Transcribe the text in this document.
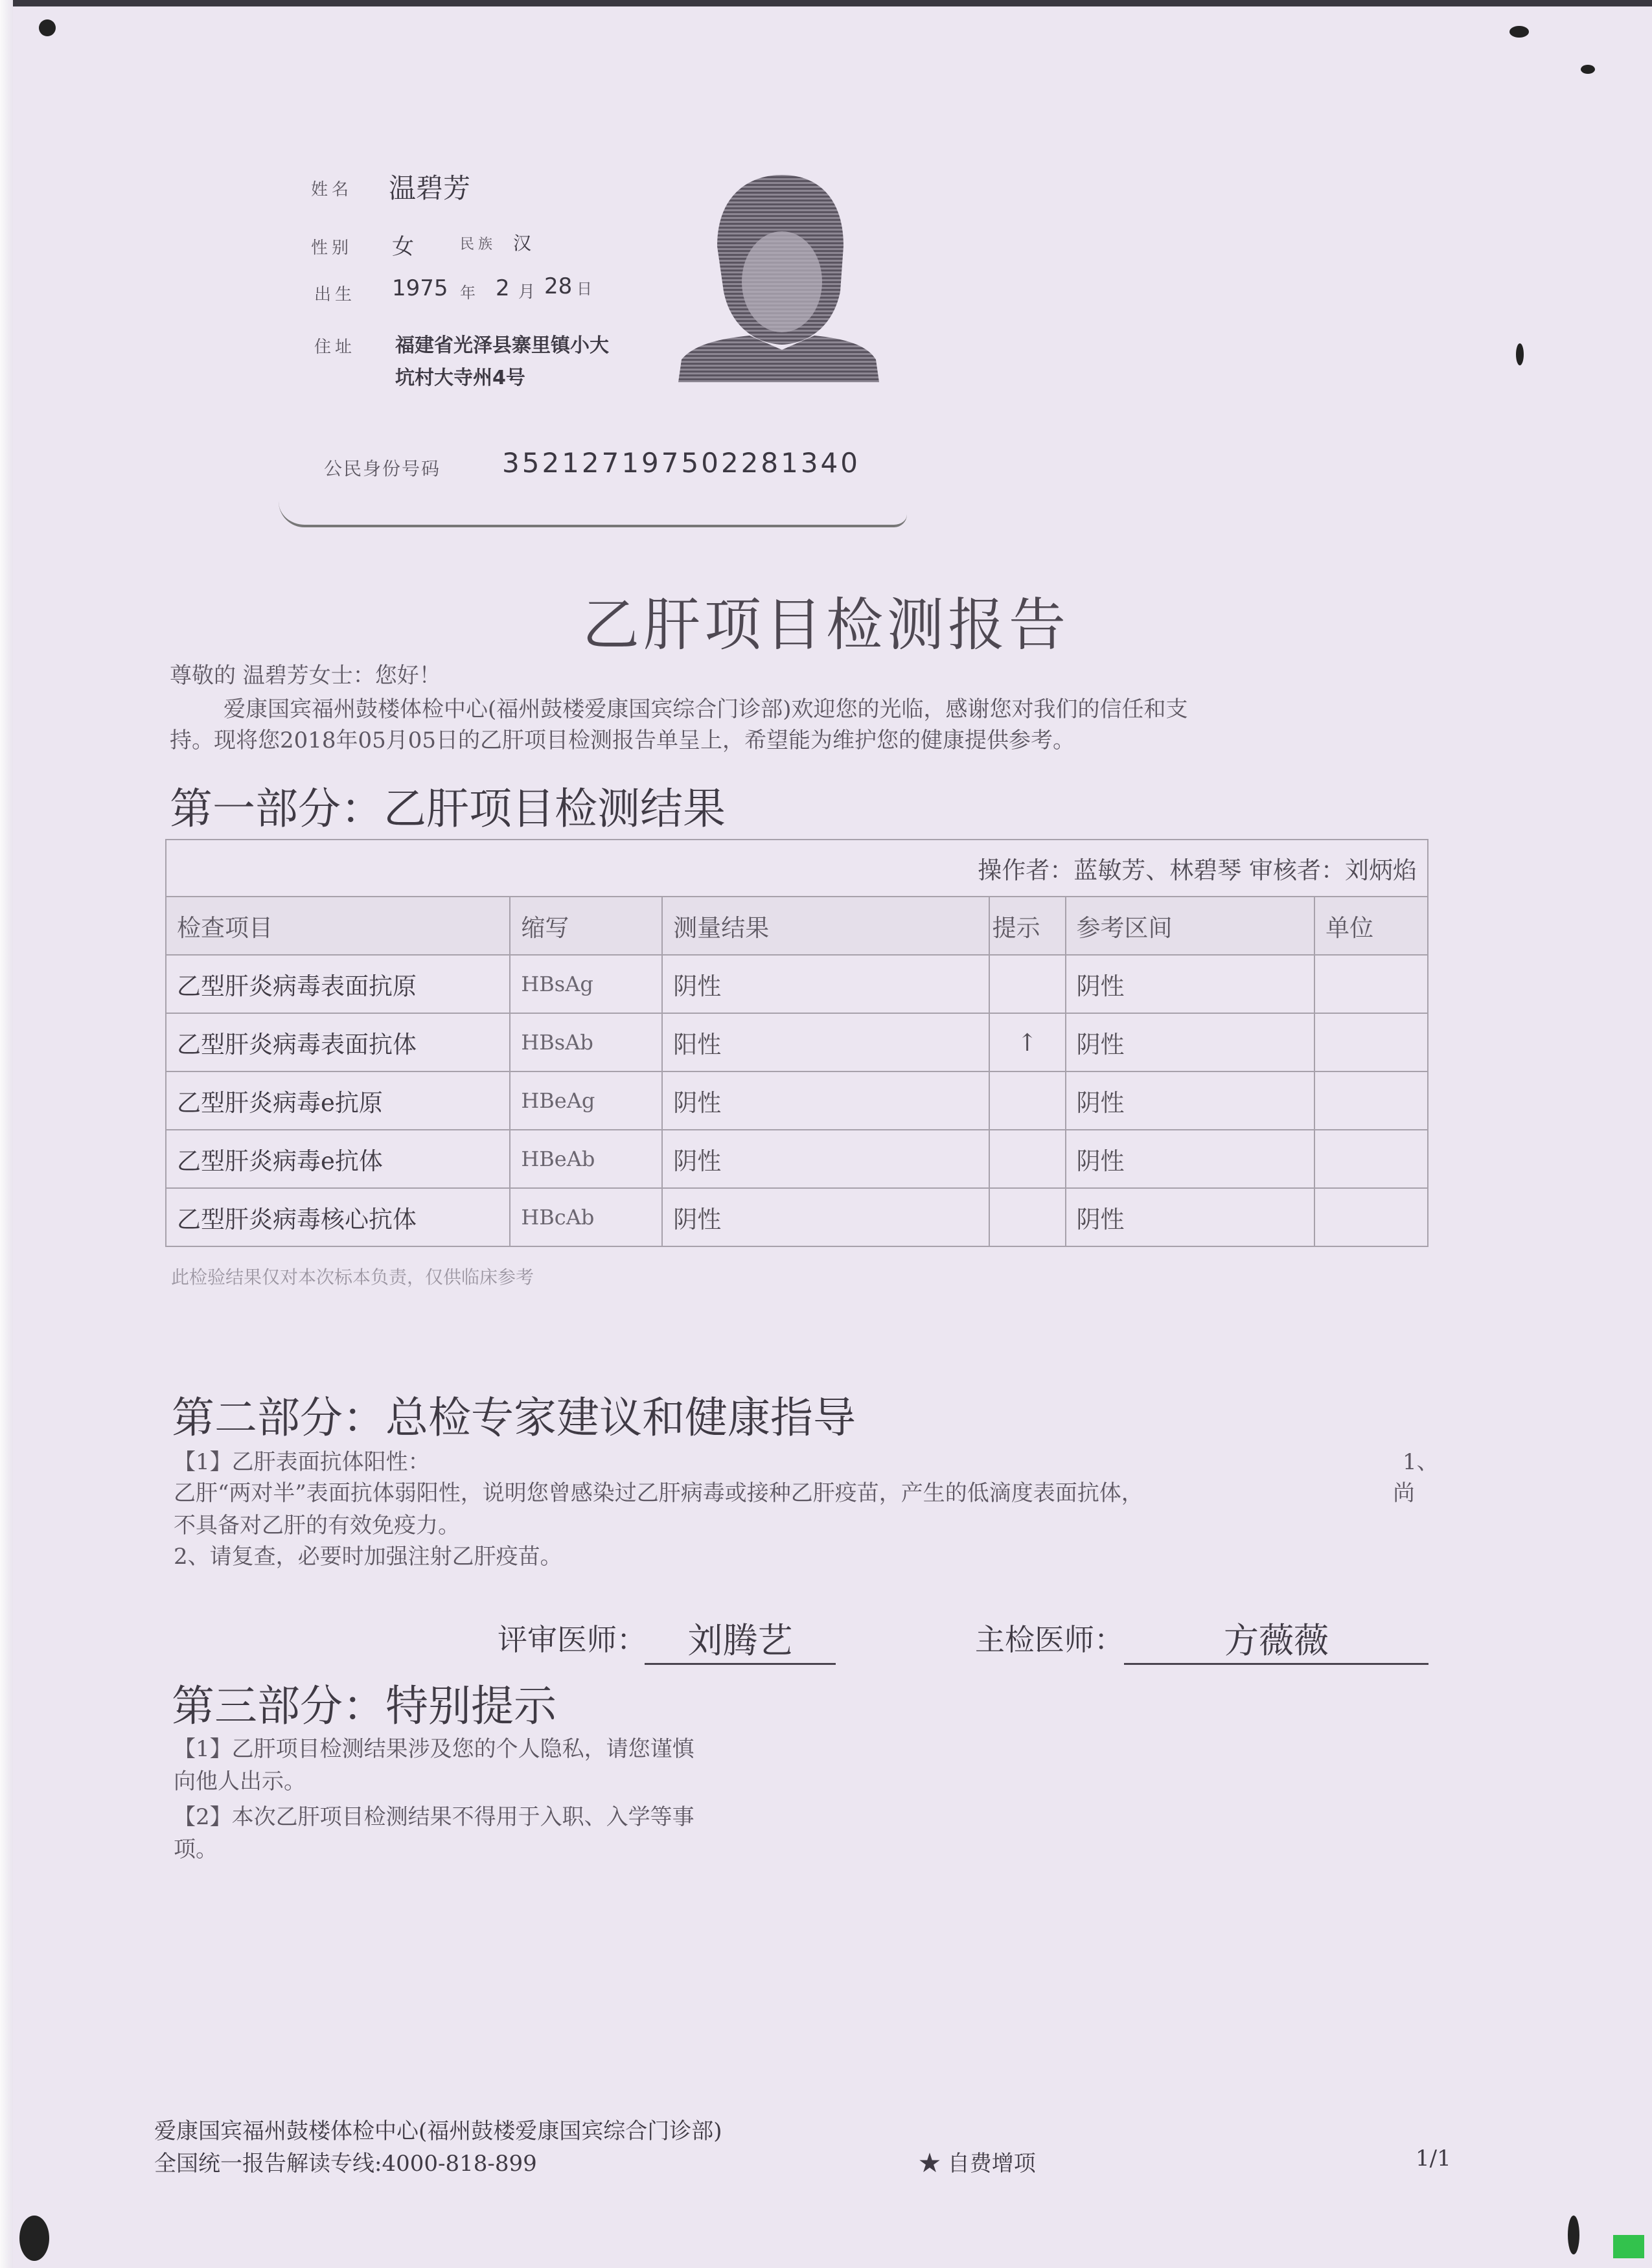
姓名 温碧芳
性别 女	民族 汉
出生 1975 年 2 月 28 日
住址 福建省光泽县寨里镇小大
坑村大寺州4号
公民身份号码 352127197502281340
乙肝项目检测报告
尊敬的 温碧芳女士：您好！
爱康国宾福州鼓楼体检中心(福州鼓楼爱康国宾综合门诊部)欢迎您的光临，感谢您对我们的信任和支
持。现将您2018年05月05日的乙肝项目检测报告单呈上，希望能为维护您的健康提供参考。
第一部分：乙肝项目检测结果
操作者：蓝敏芳、林碧琴 审核者：刘炳焰					
检查项目	缩写	测量结果	提示	参考区间	单位
乙型肝炎病毒表面抗原	HBsAg	阴性		阴性	
乙型肝炎病毒表面抗体	HBsAb	阳性	↑	阴性	
乙型肝炎病毒e抗原	HBeAg	阴性		阴性	
乙型肝炎病毒e抗体	HBeAb	阴性		阴性	
乙型肝炎病毒核心抗体	HBcAb	阴性		阴性	
此检验结果仅对本次标本负责，仅供临床参考
第二部分：总检专家建议和健康指导
【1】乙肝表面抗体阳性：	1、
乙肝“两对半”表面抗体弱阳性，说明您曾感染过乙肝病毒或接种乙肝疫苗，产生的低滴度表面抗体，	尚
不具备对乙肝的有效免疫力。
2、请复查，必要时加强注射乙肝疫苗。
评审医师：	刘腾艺	主检医师：	方薇薇
第三部分：特别提示
【1】乙肝项目检测结果涉及您的个人隐私，请您谨慎
向他人出示。
【2】本次乙肝项目检测结果不得用于入职、入学等事
项。
爱康国宾福州鼓楼体检中心(福州鼓楼爱康国宾综合门诊部)
全国统一报告解读专线:4000-818-899	★ 自费增项	1/1
